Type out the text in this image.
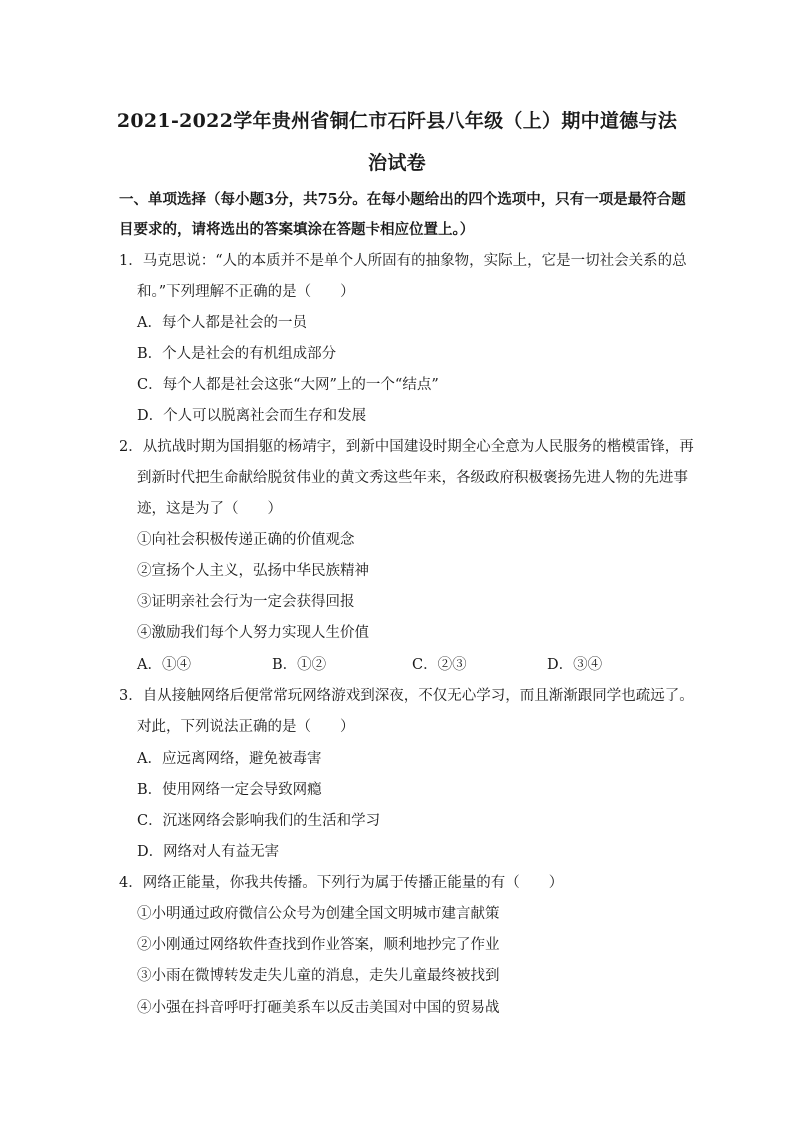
2021-2022学年贵州省铜仁市石阡县八年级（上）期中道德与法
治试卷
一、单项选择（每小题3分，共75分。在每小题给出的四个选项中，只有一项是最符合题
目要求的，请将选出的答案填涂在答题卡相应位置上。）
1．马克思说：“人的本质并不是单个人所固有的抽象物，实际上，它是一切社会关系的总
和。”下列理解不正确的是（　　）
A．每个人都是社会的一员
B．个人是社会的有机组成部分
C．每个人都是社会这张“大网”上的一个“结点”
D．个人可以脱离社会而生存和发展
2．从抗战时期为国捐躯的杨靖宇，到新中国建设时期全心全意为人民服务的楷模雷锋，再
到新时代把生命献给脱贫伟业的黄文秀这些年来，各级政府积极褒扬先进人物的先进事
迹，这是为了（　　）
①向社会积极传递正确的价值观念
②宣扬个人主义，弘扬中华民族精神
③证明亲社会行为一定会获得回报
④激励我们每个人努力实现人生价值
A．①④	B．①②	C．②③	D．③④
3．自从接触网络后便常常玩网络游戏到深夜，不仅无心学习，而且渐渐跟同学也疏远了。
对此，下列说法正确的是（　　）
A．应远离网络，避免被毒害
B．使用网络一定会导致网瘾
C．沉迷网络会影响我们的生活和学习
D．网络对人有益无害
4．网络正能量，你我共传播。下列行为属于传播正能量的有（　　）
①小明通过政府微信公众号为创建全国文明城市建言献策
②小刚通过网络软件查找到作业答案，顺利地抄完了作业
③小雨在微博转发走失儿童的消息，走失儿童最终被找到
④小强在抖音呼吁打砸美系车以反击美国对中国的贸易战
